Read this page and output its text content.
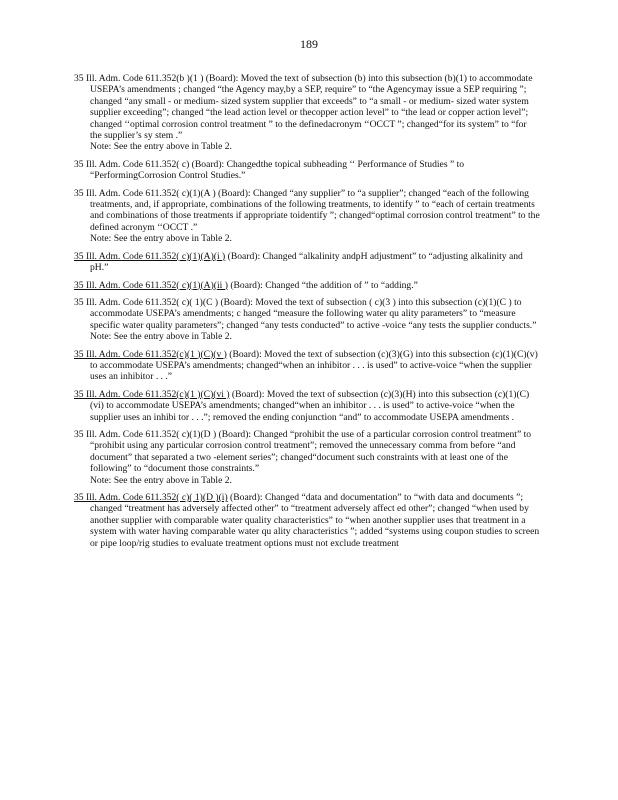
189
35 Ill. Adm. Code 611.352(b )(1 ) (Board): Moved the text of subsection (b) into this subsection (b)(1) to accommodate USEPA’s amendments ; changed “the Agency may,by a SEP, require” to “the Agencymay issue a SEP requiring ”; changed “any small - or medium- sized system supplier that exceeds” to “a small - or medium- sized water system supplier exceeding”; changed “the lead action level or thecopper action level” to “the lead or copper action level”; changed ‘‘optimal corrosion control treatment ” to the definedacronym ‘‘OCCT ”; changed“for its system” to “for the supplier’s sy stem .”
Note: See the entry above in Table 2.
35 Ill. Adm. Code 611.352( c) (Board): Changedthe topical subheading ‘‘ Performance of Studies ” to “PerformingCorrosion Control Studies.”
35 Ill. Adm. Code 611.352( c)(1)(A ) (Board): Changed “any supplier” to “a supplier”; changed “each of the following treatments, and, if appropriate, combinations of the following treatments, to identify ” to “each of certain treatments and combinations of those treatments if appropriate toidentify ”; changed“optimal corrosion control treatment” to the defined acronym ‘‘OCCT .”
Note: See the entry above in Table 2.
35 Ill. Adm. Code 611.352( c)(1)(A)(i ) (Board): Changed “alkalinity andpH adjustment” to “adjusting alkalinity and pH.”
35 Ill. Adm. Code 611.352( c)(1)(A)(ii ) (Board): Changed “the addition of ” to “adding.”
35 Ill. Adm. Code 611.352( c)( 1)(C ) (Board): Moved the text of subsection ( c)(3 ) into this subsection (c)(1)(C ) to accommodate USEPA’s amendments; c hanged “measure the following water qu ality parameters” to “measure specific water quality parameters”; changed “any tests conducted” to active -voice “any tests the supplier conducts.”
Note: See the entry above in Table 2.
35 Ill. Adm. Code 611.352(c)(1 )(C)(v ) (Board): Moved the text of subsection (c)(3)(G) into this subsection (c)(1)(C)(v) to accommodate USEPA’s amendments; changed“when an inhibitor . . . is used” to active-voice “when the supplier uses an inhibitor . . .”
35 Ill. Adm. Code 611.352(c)(1 )(C)(vi ) (Board): Moved the text of subsection (c)(3)(H) into this subsection (c)(1)(C)(vi) to accommodate USEPA’s amendments; changed“when an inhibitor . . . is used” to active-voice “when the supplier uses an inhibi tor . . .”; removed the ending conjunction “and” to accommodate USEPA amendments .
35 Ill. Adm. Code 611.352( c)(1)(D ) (Board): Changed “prohibit the use of a particular corrosion control treatment” to “prohibit using any particular corrosion control treatment”; removed the unnecessary comma from before “and document” that separated a two -element series”; changed“document such constraints with at least one of the following” to “document those constraints.”
Note: See the entry above in Table 2.
35 Ill. Adm. Code 611.352( c)( 1)(D )(i) (Board): Changed “data and documentation” to “with data and documents ”; changed “treatment has adversely affected other” to “treatment adversely affect ed other”; changed “when used by another supplier with comparable water quality characteristics” to “when another supplier uses that treatment in a system with water having comparable water qu ality characteristics ”; added “systems using coupon studies to screen or pipe loop/rig studies to evaluate treatment options must not exclude treatment
